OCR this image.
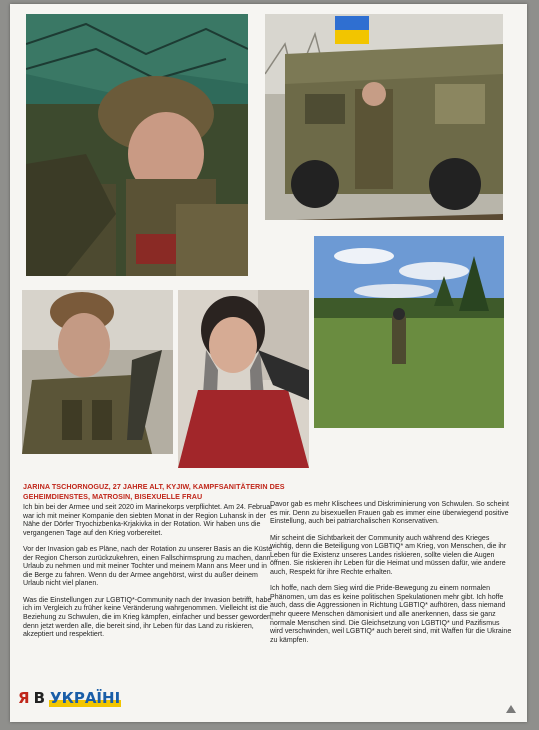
JARINA TSCHORNOGUZ, 27 JAHRE ALT, KYJIW, KAMPFSANITÄTERIN DES GEHEIMDIENSTES, MATROSIN, BISEXUELLE FRAU

Ich bin bei der Armee und seit 2020 im Marinekorps verpflichtet. Am 24. Februar war ich mit meiner Kompanie den siebten Monat in der Region Luhansk in der Nähe der Dörfer Tryochizbenka-Krjakivka in der Rotation. Wir haben uns die vergangenen Tage auf den Krieg vorbereitet.

Vor der Invasion gab es Pläne, nach der Rotation zu unserer Basis an die Küste der Region Cherson zurückzukehren, einen Fallschirmsprung zu machen, dann Urlaub zu nehmen und mit meiner Tochter und meinem Mann ans Meer und in die Berge zu fahren. Wenn du der Armee angehörst, wirst du außer deinem Urlaub nicht viel planen.

Was die Einstellungen zur LGBTIQ*-Community nach der Invasion betrifft, habe ich im Vergleich zu früher keine Veränderung wahrgenommen. Vielleicht ist die Beziehung zu Schwulen, die im Krieg kämpfen, einfacher und besser geworden, denn jetzt werden alle, die bereit sind, ihr Leben für das Land zu riskieren, akzeptiert und respektiert.

Davor gab es mehr Klischees und Diskriminierung von Schwulen. So scheint es mir. Denn zu bisexuellen Frauen gab es immer eine überwiegend positive Einstellung, auch bei patriarchalischen Konservativen.

Mir scheint die Sichtbarkeit der Community auch während des Krieges wichtig, denn die Beteiligung von LGBTIQ* am Krieg, von Menschen, die ihr Leben für die Existenz unseres Landes riskieren, sollte vielen die Augen öffnen. Sie riskieren ihr Leben für die Heimat und müssen dafür, wie andere auch, Respekt für ihre Rechte erhalten.

Ich hoffe, nach dem Sieg wird die Pride-Bewegung zu einem normalen Phänomen, um das es keine politischen Spekulationen mehr gibt. Ich hoffe auch, dass die Aggressionen in Richtung LGBTIQ* aufhören, dass niemand mehr queere Menschen dämonisiert und alle anerkennen, dass sie ganz normale Menschen sind. Die Gleichsetzung von LGBTIQ* und Pazifismus wird verschwinden, weil LGBTIQ* auch bereit sind, mit Waffen für die Ukraine zu kämpfen.

Я В УКРАЇНІ
